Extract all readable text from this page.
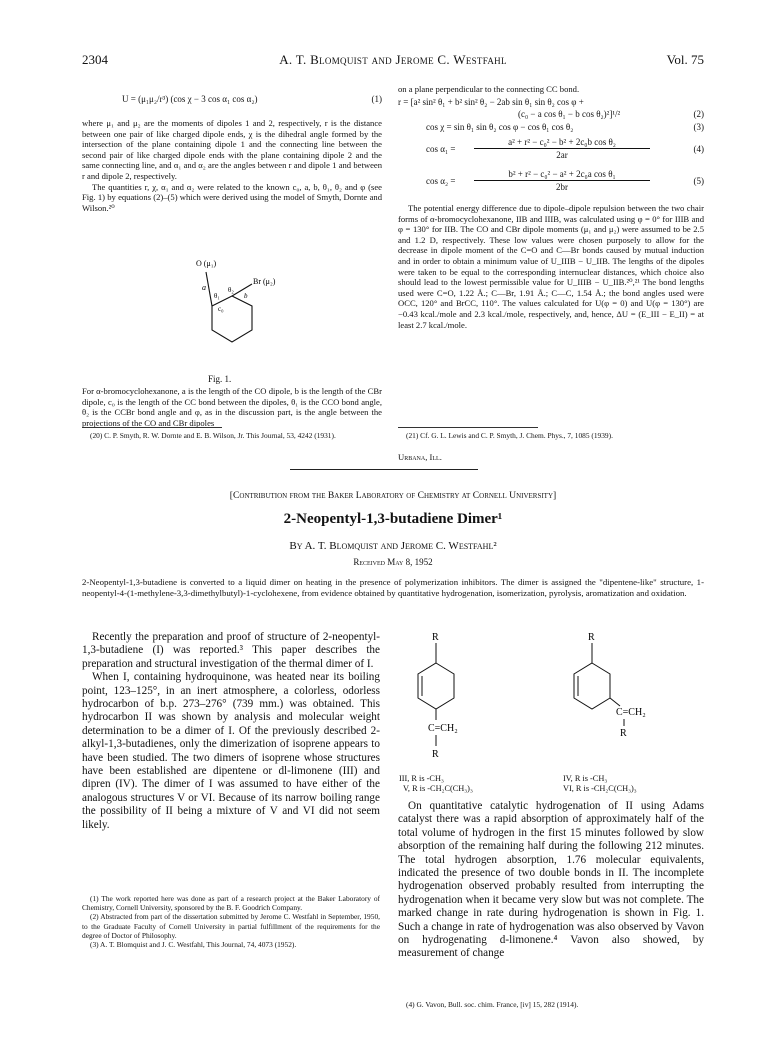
2304	A. T. Blomquist and Jerome C. Westfahl	Vol. 75
U = (μ₁μ₂/r³) (cos χ − 3 cos α₁ cos α₂)	(1)

where μ₁ and μ₂ are the moments of dipoles 1 and 2, respectively, r is the distance between one pair of like charged dipole ends, χ is the dihedral angle formed by the intersection of the plane containing dipole 1 and the connecting line between the second pair of like charged dipole ends with the plane containing dipole 2 and the same connecting line, and α₁ and α₂ are the angles between r and dipole 1 and between r and dipole 2, respectively.

The quantities r, χ, α₁ and α₂ were related to the known c₀, a, b, θ₁, θ₂ and φ (see Fig. 1) by equations (2)–(5) which were derived using the model of Smyth, Dornte and Wilson.²⁰

O (μ₁)
Br (μ₂)
a
b
θ₁
θ₂
c₀
Fig. 1.

For α-bromocyclohexanone, a is the length of the CO dipole, b is the length of the CBr dipole, c₀ is the length of the CC bond between the dipoles, θ₁ is the CCO bond angle, θ₂ is the CCBr bond angle and φ, as in the discussion part, is the angle between the projections of the CO and CBr dipoles

(20) C. P. Smyth, R. W. Dornte and E. B. Wilson, Jr. This Journal, 53, 4242 (1931).

on a plane perpendicular to the connecting CC bond.
r = [a² sin² θ₁ + b² sin² θ₂ − 2ab sin θ₁ sin θ₂ cos φ +
(c₀ − a cos θ₁ − b cos θ₂)²]¹/²	(2)
cos χ = sin θ₁ sin θ₂ cos φ − cos θ₁ cos θ₂	(3)
cos α₁ =
a² + r² − c₀² − b² + 2c₀b cos θ₂
2ar
(4)
cos α₂ =
b² + r² − c₀² − a² + 2c₀a cos θ₁
2br
(5)
The potential energy difference due to dipole–dipole repulsion between the two chair forms of α-bromocyclohexanone, IIB and IIIB, was calculated using φ = 0° for IIIB and φ = 130° for IIB. The CO and CBr dipole moments (μ₁ and μ₂) were assumed to be 2.5 and 1.2 D, respectively. These low values were chosen purposely to allow for the decrease in dipole moment of the C=O and C—Br bonds caused by mutual induction and in order to obtain a minimum value of U_IIIB − U_IIB. The lengths of the dipoles were taken to be equal to the corresponding internuclear distances, which choice also should lead to the lowest permissible value for U_IIIB − U_IIB.²⁰,²¹ The bond lengths used were C=O, 1.22 Å.; C—Br, 1.91 Å.; C—C, 1.54 Å.; the bond angles used were OCC, 120° and BrCC, 110°. The values calculated for U(φ = 0) and U(φ = 130°) are −0.43 kcal./mole and 2.3 kcal./mole, respectively, and, hence, ΔU = (E_III − E_II) = at least 2.7 kcal./mole.

(21) Cf. G. L. Lewis and C. P. Smyth, J. Chem. Phys., 7, 1085 (1939).

Urbana, Ill.
[Contribution from the Baker Laboratory of Chemistry at Cornell University]
2-Neopentyl-1,3-butadiene Dimer¹
By A. T. Blomquist and Jerome C. Westfahl²
Received May 8, 1952
2-Neopentyl-1,3-butadiene is converted to a liquid dimer on heating in the presence of polymerization inhibitors. The dimer is assigned the "dipentene-like" structure, 1-neopentyl-4-(1-methylene-3,3-dimethylbutyl)-1-cyclohexene, from evidence obtained by quantitative hydrogenation, isomerization, pyrolysis, aromatization and oxidation.

Recently the preparation and proof of structure of 2-neopentyl-1,3-butadiene (I) was reported.³ This paper describes the preparation and structural investigation of the thermal dimer of I.

When I, containing hydroquinone, was heated near its boiling point, 123–125°, in an inert atmosphere, a colorless, odorless hydrocarbon of b.p. 273–276° (739 mm.) was obtained. This hydrocarbon II was shown by analysis and molecular weight determination to be a dimer of I. Of the previously described 2-alkyl-1,3-butadienes, only the dimerization of isoprene appears to have been studied. The two dimers of isoprene whose structures have been established are dipentene or dl-limonene (III) and dipren (IV). The dimer of I was assumed to have either of the analogous structures V or VI. Because of its narrow boiling range the possibility of II being a mixture of V and VI did not seem likely.

(1) The work reported here was done as part of a research project at the Baker Laboratory of Chemistry, Cornell University, sponsored by the B. F. Goodrich Company.

(2) Abstracted from part of the dissertation submitted by Jerome C. Westfahl in September, 1950, to the Graduate Faculty of Cornell University in partial fulfillment of the requirements for the degree of Doctor of Philosophy.

(3) A. T. Blomquist and J. C. Westfahl, This Journal, 74, 4073 (1952).

R
C=CH₂
R
R
C=CH₂
R
III, R is -CH₃
V, R is -CH₂C(CH₃)₃
IV, R is -CH₃
VI, R is -CH₂C(CH₃)₃

On quantitative catalytic hydrogenation of II using Adams catalyst there was a rapid absorption of approximately half of the total volume of hydrogen in the first 15 minutes followed by slow absorption of the remaining half during the following 212 minutes. The total hydrogen absorption, 1.76 molecular equivalents, indicated the presence of two double bonds in II. The incomplete hydrogenation observed probably resulted from interrupting the hydrogenation when it became very slow but was not complete. The marked change in rate during hydrogenation is shown in Fig. 1. Such a change in rate of hydrogenation was also observed by Vavon on hydrogenating d-limonene.⁴ Vavon also showed, by measurement of change

(4) G. Vavon, Bull. soc. chim. France, [iv] 15, 282 (1914).
